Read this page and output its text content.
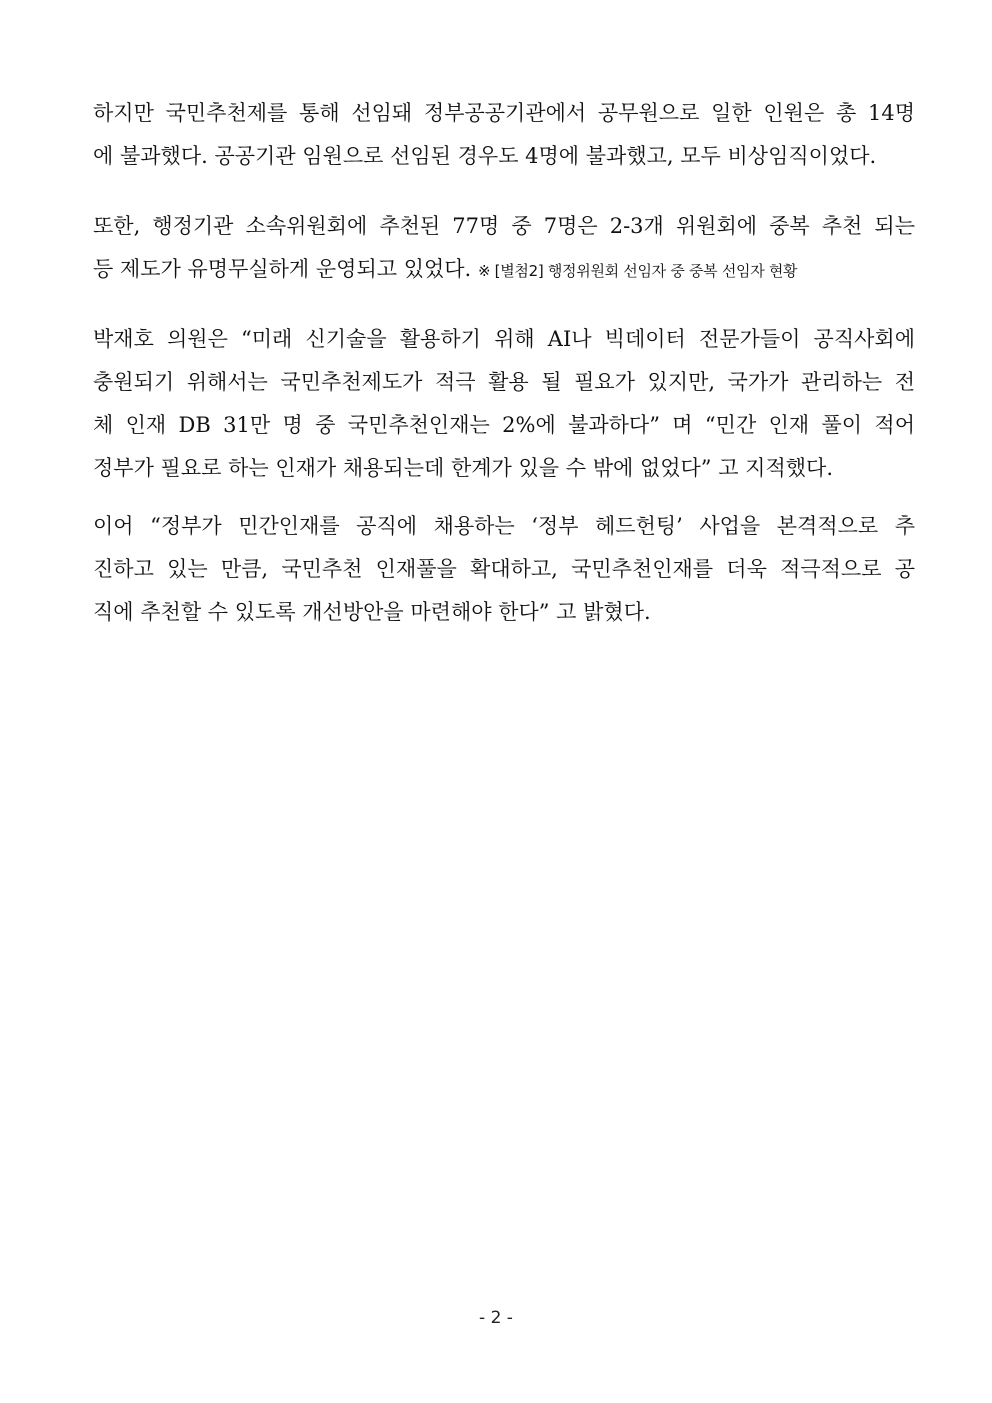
하지만 국민추천제를 통해 선임돼 정부공공기관에서 공무원으로 일한 인원은 총 14명
에 불과했다. 공공기관 임원으로 선임된 경우도 4명에 불과했고, 모두 비상임직이었다.
또한, 행정기관 소속위원회에 추천된 77명 중 7명은 2-3개 위원회에 중복 추천 되는
등 제도가 유명무실하게 운영되고 있었다. ※ [별첨2] 행정위원회 선임자 중 중복 선임자 현황
박재호 의원은 “미래 신기술을 활용하기 위해 AI나 빅데이터 전문가들이 공직사회에
충원되기 위해서는 국민추천제도가 적극 활용 될 필요가 있지만, 국가가 관리하는 전
체 인재 DB 31만 명 중 국민추천인재는 2%에 불과하다” 며 “민간 인재 풀이 적어
정부가 필요로 하는 인재가 채용되는데 한계가 있을 수 밖에 없었다” 고 지적했다.
이어 “정부가 민간인재를 공직에 채용하는 ‘정부 헤드헌팅’ 사업을 본격적으로 추
진하고 있는 만큼, 국민추천 인재풀을 확대하고, 국민추천인재를 더욱 적극적으로 공
직에 추천할 수 있도록 개선방안을 마련해야 한다” 고 밝혔다.
- 2 -
